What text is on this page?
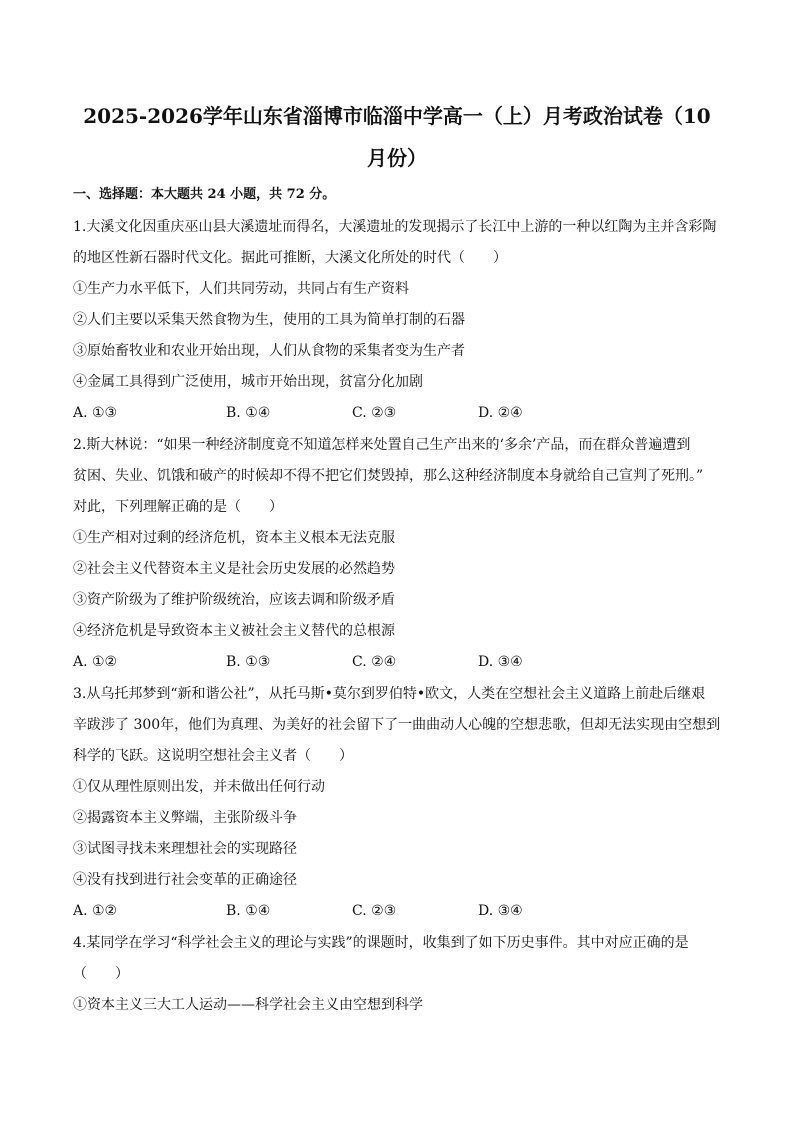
2025-2026学年山东省淄博市临淄中学高一（上）月考政治试卷（10
月份）
一、选择题：本大题共 24 小题，共 72 分。
1.大溪文化因重庆巫山县大溪遗址而得名，大溪遗址的发现揭示了长江中上游的一种以红陶为主并含彩陶
的地区性新石器时代文化。据此可推断，大溪文化所处的时代（　　）
①生产力水平低下，人们共同劳动，共同占有生产资料
②人们主要以采集天然食物为生，使用的工具为简单打制的石器
③原始畜牧业和农业开始出现，人们从食物的采集者变为生产者
④金属工具得到广泛使用，城市开始出现，贫富分化加剧
A. ①③	B. ①④	C. ②③	D. ②④
2.斯大林说：“如果一种经济制度竟不知道怎样来处置自己生产出来的‘多余’产品，而在群众普遍遭到
贫困、失业、饥饿和破产的时候却不得不把它们焚毁掉，那么这种经济制度本身就给自己宣判了死刑。”
对此，下列理解正确的是（　　）
①生产相对过剩的经济危机，资本主义根本无法克服
②社会主义代替资本主义是社会历史发展的必然趋势
③资产阶级为了维护阶级统治，应该去调和阶级矛盾
④经济危机是导致资本主义被社会主义替代的总根源
A. ①②	B. ①③	C. ②④	D. ③④
3.从乌托邦梦到“新和谐公社”，从托马斯•莫尔到罗伯特•欧文，人类在空想社会主义道路上前赴后继艰
辛跋涉了 300年，他们为真理、为美好的社会留下了一曲曲动人心魄的空想悲歌，但却无法实现由空想到
科学的飞跃。这说明空想社会主义者（　　）
①仅从理性原则出发，并未做出任何行动
②揭露资本主义弊端，主张阶级斗争
③试图寻找未来理想社会的实现路径
④没有找到进行社会变革的正确途径
A. ①②	B. ①④	C. ②③	D. ③④
4.某同学在学习“科学社会主义的理论与实践”的课题时，收集到了如下历史事件。其中对应正确的是
（　　）
①资本主义三大工人运动——科学社会主义由空想到科学
